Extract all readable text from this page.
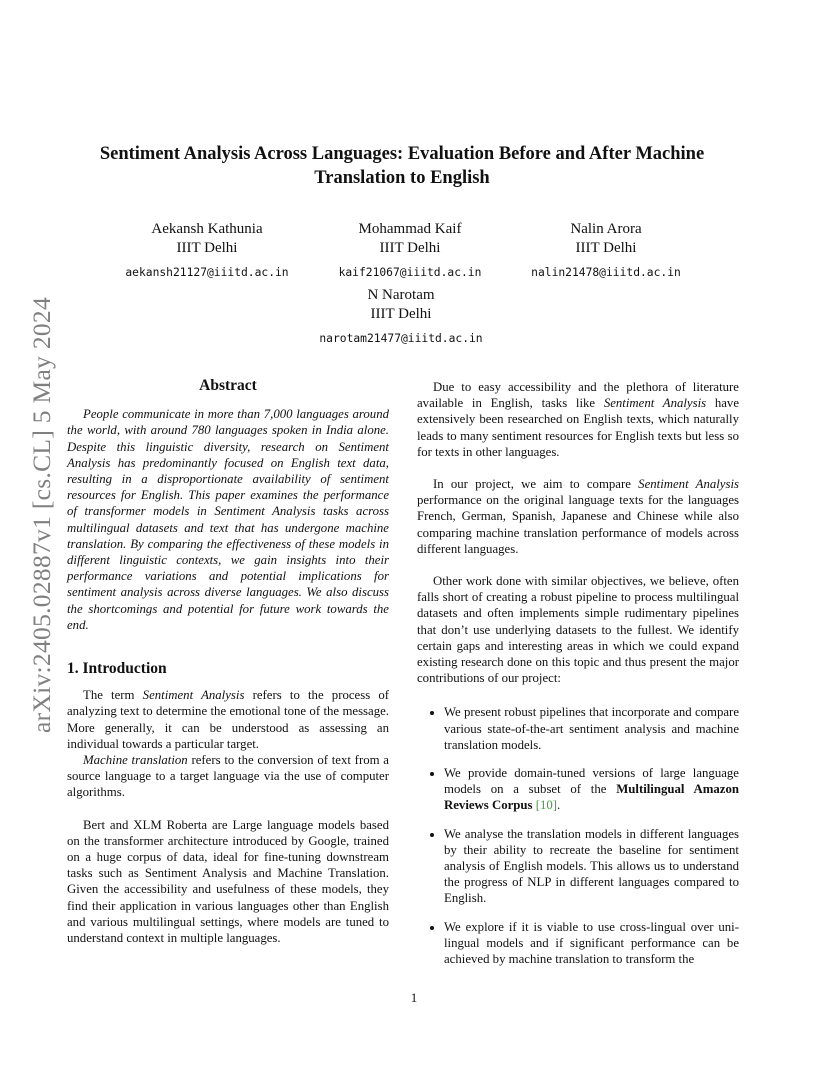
arXiv:2405.02887v1 [cs.CL] 5 May 2024
Sentiment Analysis Across Languages: Evaluation Before and After Machine Translation to English
Aekansh Kathunia
IIIT Delhi
aekansh21127@iiitd.ac.in
Mohammad Kaif
IIIT Delhi
kaif21067@iiitd.ac.in
Nalin Arora
IIIT Delhi
nalin21478@iiitd.ac.in
N Narotam
IIIT Delhi
narotam21477@iiitd.ac.in
Abstract

People communicate in more than 7,000 languages around the world, with around 780 languages spoken in India alone. Despite this linguistic diversity, research on Sentiment Analysis has predominantly focused on English text data, resulting in a disproportionate availability of sentiment resources for English. This paper examines the performance of transformer models in Sentiment Analysis tasks across multilingual datasets and text that has undergone machine translation. By comparing the effectiveness of these models in different linguistic contexts, we gain insights into their performance variations and potential implications for sentiment analysis across diverse languages. We also discuss the shortcomings and potential for future work towards the end.

1. Introduction

The term Sentiment Analysis refers to the process of analyzing text to determine the emotional tone of the message. More generally, it can be understood as assessing an individual towards a particular target.

Machine translation refers to the conversion of text from a source language to a target language via the use of computer algorithms.

Bert and XLM Roberta are Large language models based on the transformer architecture introduced by Google, trained on a huge corpus of data, ideal for fine-tuning downstream tasks such as Sentiment Analysis and Machine Translation. Given the accessibility and usefulness of these models, they find their application in various languages other than English and various multilingual settings, where models are tuned to understand context in multiple languages.

Due to easy accessibility and the plethora of literature available in English, tasks like Sentiment Analysis have extensively been researched on English texts, which naturally leads to many sentiment resources for English texts but less so for texts in other languages.

In our project, we aim to compare Sentiment Analysis performance on the original language texts for the languages French, German, Spanish, Japanese and Chinese while also comparing machine translation performance of models across different languages.

Other work done with similar objectives, we believe, often falls short of creating a robust pipeline to process multilingual datasets and often implements simple rudimentary pipelines that don’t use underlying datasets to the fullest. We identify certain gaps and interesting areas in which we could expand existing research done on this topic and thus present the major contributions of our project:

• We present robust pipelines that incorporate and compare various state-of-the-art sentiment analysis and machine translation models.
• We provide domain-tuned versions of large language models on a subset of the Multilingual Amazon Reviews Corpus [10].
• We analyse the translation models in different languages by their ability to recreate the baseline for sentiment analysis of English models. This allows us to understand the progress of NLP in different languages compared to English.
• We explore if it is viable to use cross-lingual over uni-lingual models and if significant performance can be achieved by machine translation to transform the
1
